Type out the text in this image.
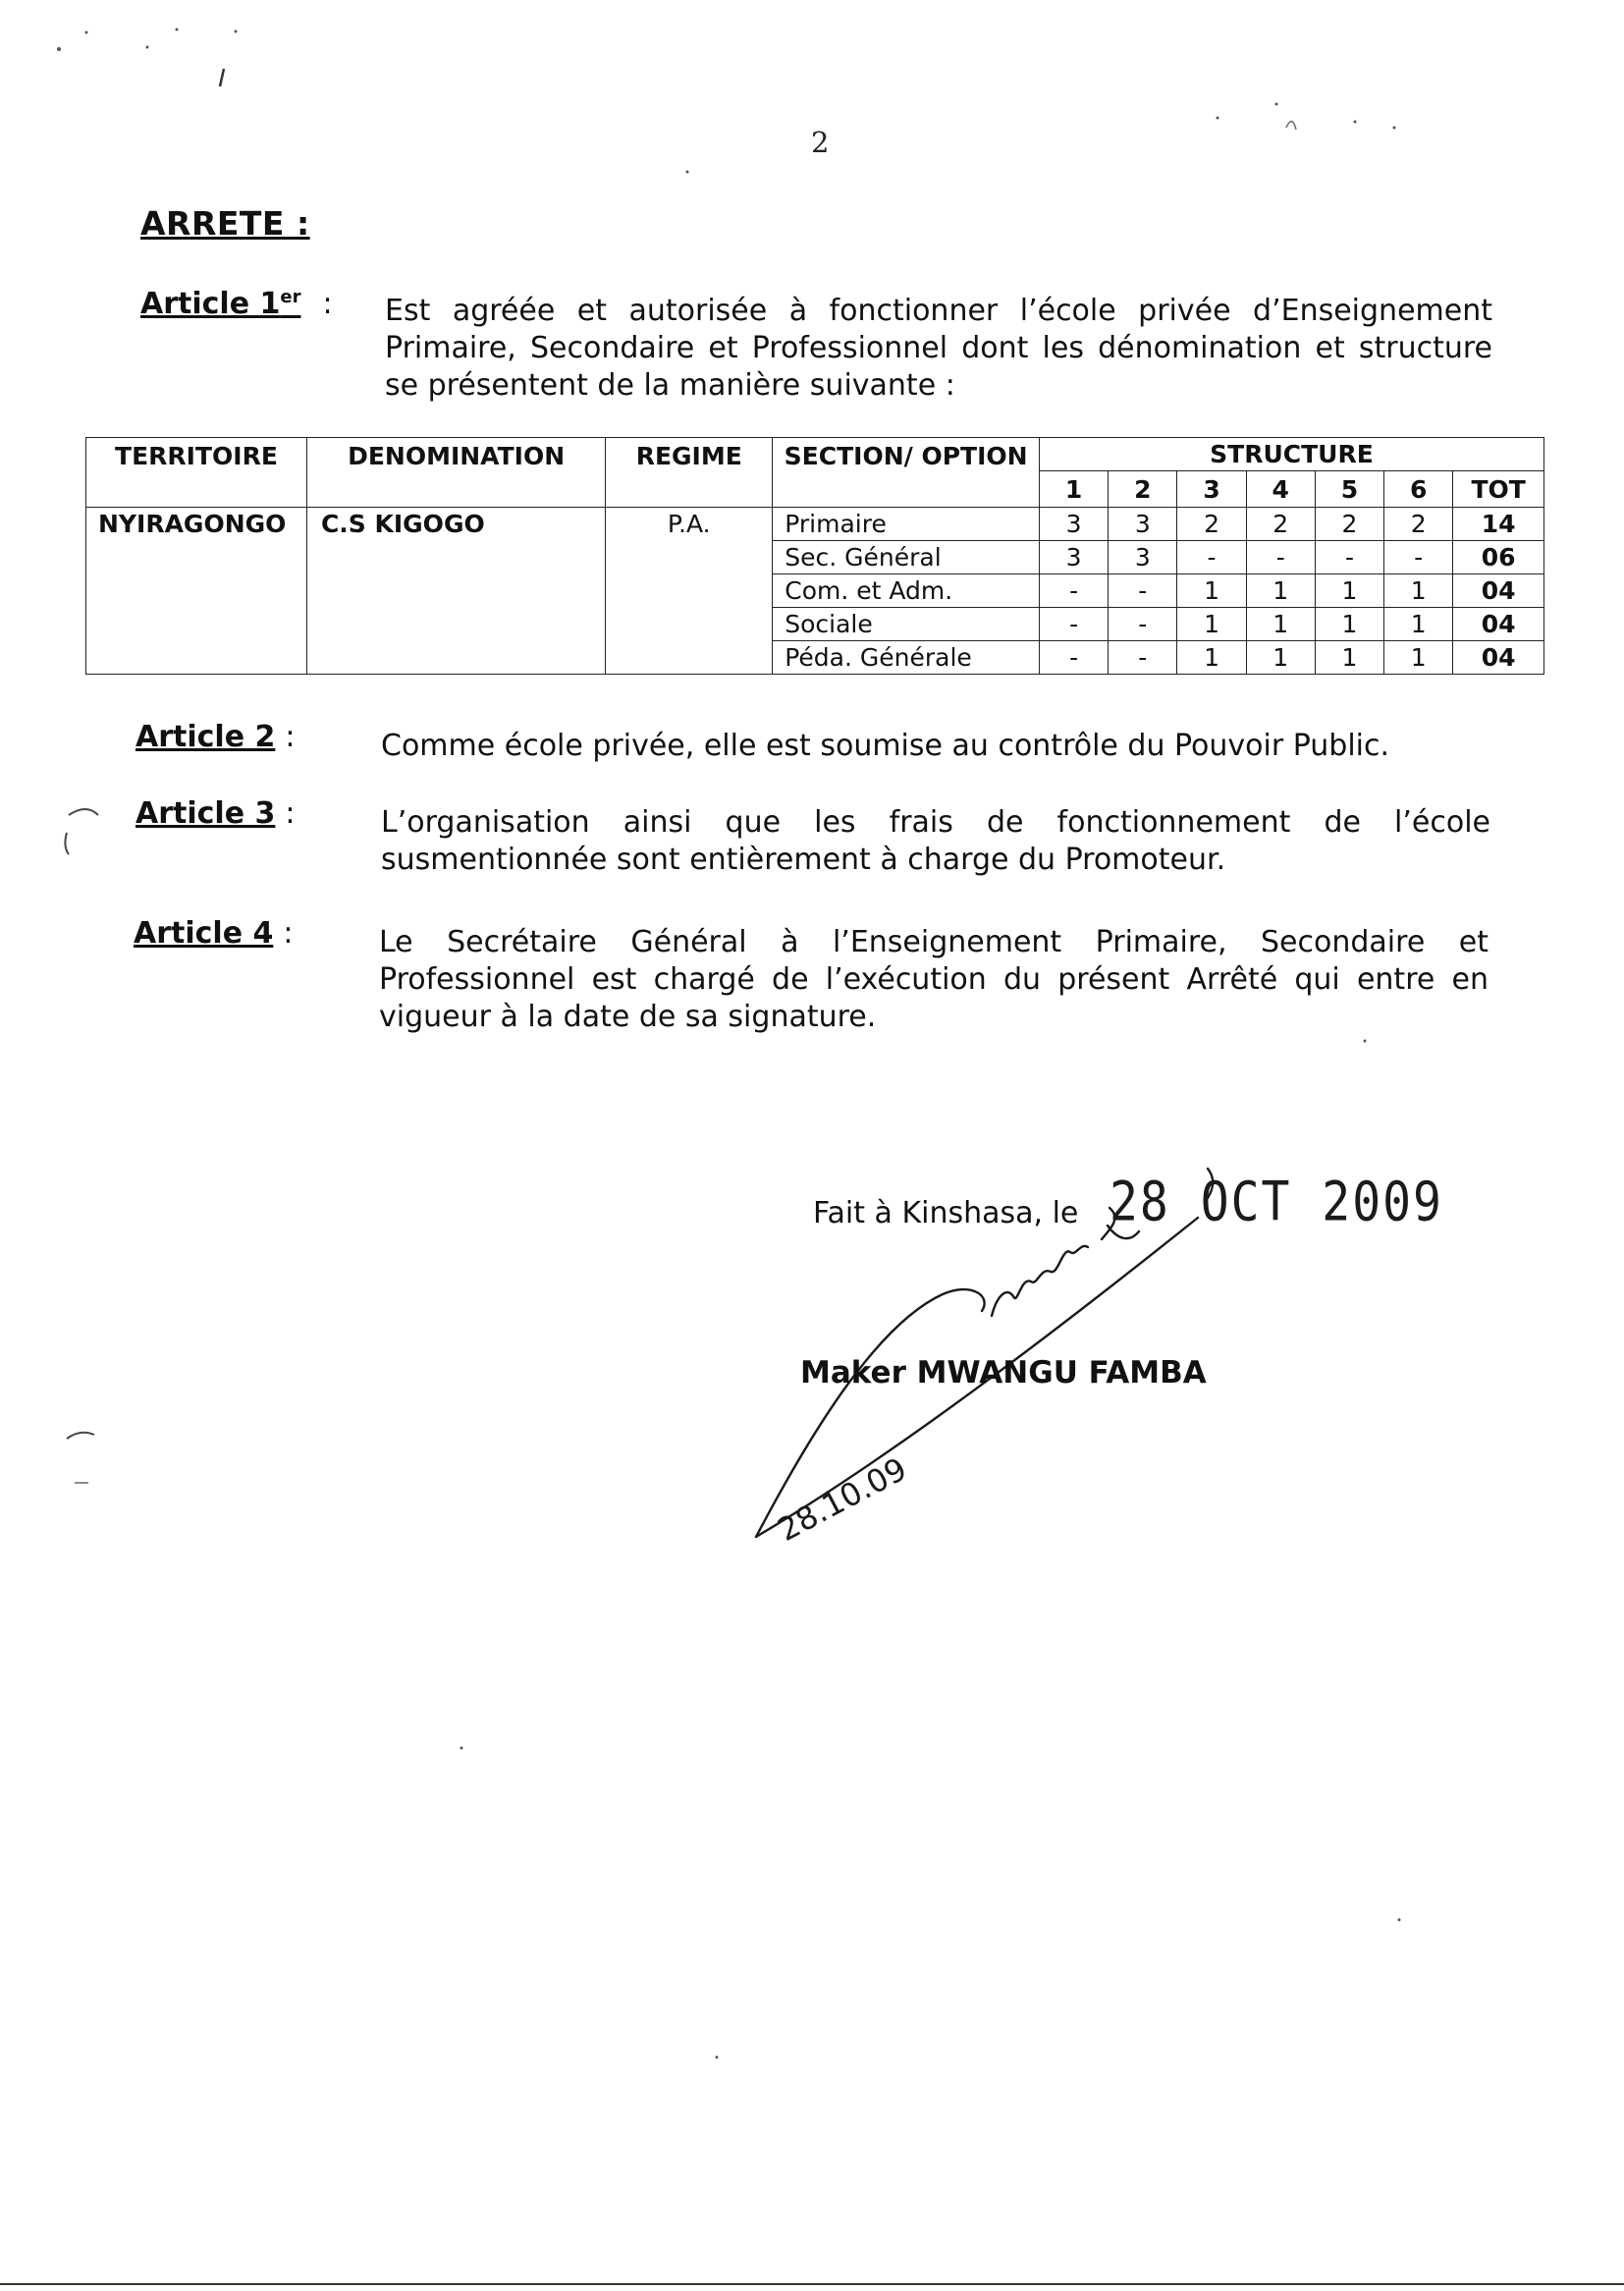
2
ARRETE :
Article 1er : Est agréée et autorisée à fonctionner l’école privée d’Enseignement Primaire, Secondaire et Professionnel dont les dénomination et structure se présentent de la manière suivante :
TERRITOIRE	DENOMINATION	REGIME	SECTION/ OPTION	STRUCTURE						
				1	2	3	4	5	6	TOT
NYIRAGONGO	C.S KIGOGO	P.A.	Primaire	3	3	2	2	2	2	14
			Sec. Général	3	3	-	-	-	-	06
			Com. et Adm.	-	-	1	1	1	1	04
			Sociale	-	-	1	1	1	1	04
			Péda. Générale	-	-	1	1	1	1	04
Article 2 :	Comme école privée, elle est soumise au contrôle du Pouvoir Public.
Article 3 :	L’organisation ainsi que les frais de fonctionnement de l’école susmentionnée sont entièrement à charge du Promoteur.
Article 4 :	Le Secrétaire Général à l’Enseignement Primaire, Secondaire et Professionnel est chargé de l’exécution du présent Arrêté qui entre en vigueur à la date de sa signature.
Fait à Kinshasa, le 28 OCT 2009
28.10.09
Maker MWANGU FAMBA
